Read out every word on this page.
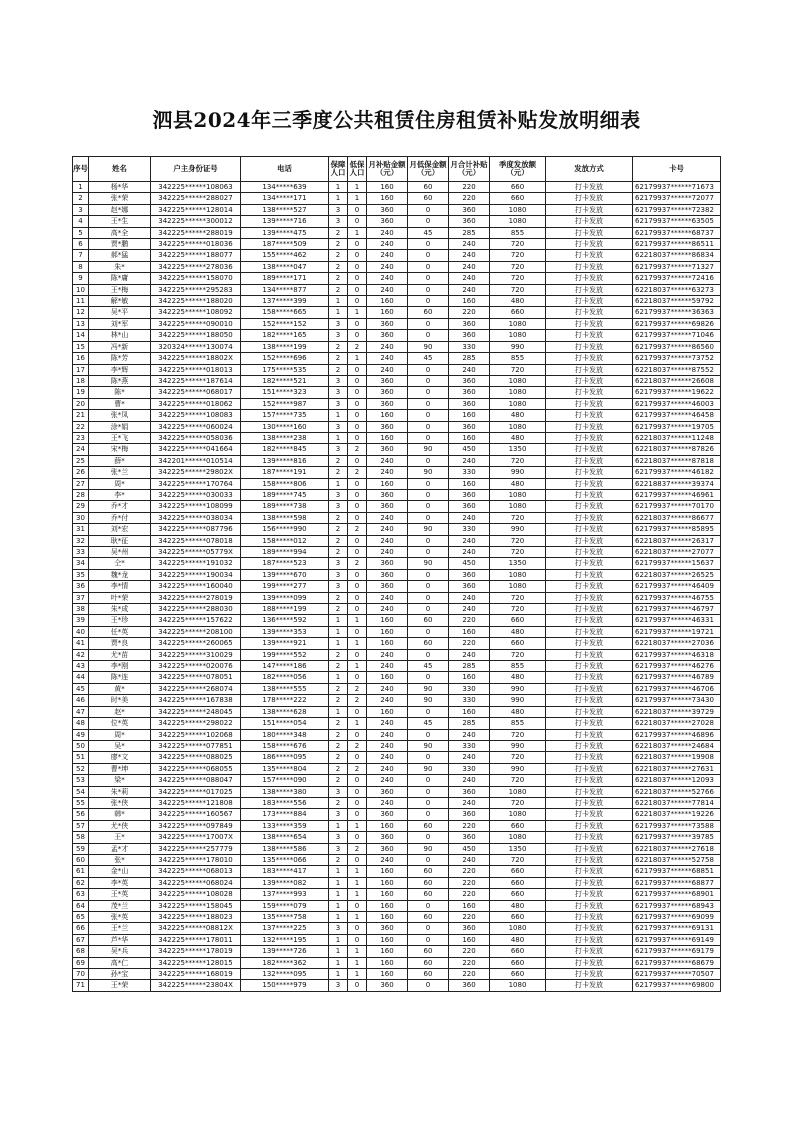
泗县2024年三季度公共租赁住房租赁补贴发放明细表
序号	姓名	户主身份证号	电话	保障人口	低保人口	月补贴金额（元）	月低保金额（元）	月合计补贴（元）	季度发放额（元）	发放方式	卡号
1	杨*华	342225******108063	134*****639	1	1	160	60	220	660	打卡发放	62179937******71673
2	张*荣	342225******288027	134*****171	1	1	160	60	220	660	打卡发放	62179937******72077
3	赵*娜	342225******128014	138*****527	3	0	360	0	360	1080	打卡发放	62179937******72382
4	王*生	342225******300012	139*****716	3	0	360	0	360	1080	打卡发放	62179937******63505
5	高*全	342225******288019	139*****475	2	1	240	45	285	855	打卡发放	62179937******68737
6	贾*鹏	342225******018036	187*****509	2	0	240	0	240	720	打卡发放	62179937******86511
7	郝*猛	342225******188077	155*****462	2	0	240	0	240	720	打卡发放	62218037******86834
8	朱*	342225******278036	138*****047	2	0	240	0	240	720	打卡发放	62179937******71327
9	陈*庸	342225******158070	189*****171	2	0	240	0	240	720	打卡发放	62179937******72416
10	王*梅	342225******295283	134*****877	2	0	240	0	240	720	打卡发放	62218037******63273
11	解*敏	342225******188020	137*****399	1	0	160	0	160	480	打卡发放	62218037******59792
12	吴*平	342225******108092	158*****665	1	1	160	60	220	660	打卡发放	62179937******36363
13	刘*军	342225******090010	152*****152	3	0	360	0	360	1080	打卡发放	62179937******69826
14	林*山	342225******188050	182*****165	3	0	360	0	360	1080	打卡发放	62179937******71046
15	冯*新	320324******130074	138*****199	2	2	240	90	330	990	打卡发放	62179937******86560
16	陈*芳	342225******18802X	152*****696	2	1	240	45	285	855	打卡发放	62179937******73752
17	李*辉	342225******018013	175*****535	2	0	240	0	240	720	打卡发放	62218037******87552
18	陈*燕	342225******187614	182*****521	3	0	360	0	360	1080	打卡发放	62218037******26608
19	陈*	342225******068017	151*****323	3	0	360	0	360	1080	打卡发放	62179937******19622
20	曹*	342225******018062	152*****987	3	0	360	0	360	1080	打卡发放	62179937******46003
21	张*凤	342225******108083	157*****735	1	0	160	0	160	480	打卡发放	62179937******46458
22	涂*娟	342225******060024	130*****160	3	0	360	0	360	1080	打卡发放	62179937******19705
23	王*飞	342225******058036	138*****238	1	0	160	0	160	480	打卡发放	62218037******11248
24	宋*梅	342225******041664	182*****845	3	2	360	90	450	1350	打卡发放	62218037******87826
25	薛*	342201******010514	139*****816	2	0	240	0	240	720	打卡发放	62218037******87818
26	张*兰	342225******29802X	187*****191	2	2	240	90	330	990	打卡发放	62179937******46182
27	周*	342225******170764	158*****806	1	0	160	0	160	480	打卡发放	62218837******39374
28	李*	342225******030033	189*****745	3	0	360	0	360	1080	打卡发放	62179937******46961
29	乔*才	342225******108099	189*****738	3	0	360	0	360	1080	打卡发放	62179937******70170
30	乔*付	342225******038034	138*****598	2	0	240	0	240	720	打卡发放	62218037******86677
31	刘*宏	342225******087796	156*****990	2	2	240	90	330	990	打卡发放	62179937******85895
32	耿*征	342225******078018	158*****012	2	0	240	0	240	720	打卡发放	62218037******26317
33	吴*州	342225******05779X	189*****994	2	0	240	0	240	720	打卡发放	62218037******27077
34	仝*	342225******191032	187*****523	3	2	360	90	450	1350	打卡发放	62179937******15637
35	魏*龙	342225******190034	139*****670	3	0	360	0	360	1080	打卡发放	62218037******26525
36	李*情	342225******160040	199*****277	3	0	360	0	360	1080	打卡发放	62179937******46409
37	叶*荣	342225******278019	139*****099	2	0	240	0	240	720	打卡发放	62179937******46755
38	朱*成	342225******288030	188*****199	2	0	240	0	240	720	打卡发放	62179937******46797
39	王*珍	342225******157622	136*****592	1	1	160	60	220	660	打卡发放	62179937******46331
40	任*英	342225******208100	139*****353	1	0	160	0	160	480	打卡发放	62179937******19721
41	贾*良	342225******260065	139*****921	1	1	160	60	220	660	打卡发放	62218037******27036
42	尤*苗	342225******310029	199*****552	2	0	240	0	240	720	打卡发放	62179937******46318
43	李*刚	342225******020076	147*****186	2	1	240	45	285	855	打卡发放	62179937******46276
44	陈*连	342225******078051	182*****056	1	0	160	0	160	480	打卡发放	62179937******46789
45	黄*	342225******268074	138*****555	2	2	240	90	330	990	打卡发放	62179937******46706
46	时*美	342225******167838	178*****222	2	2	240	90	330	990	打卡发放	62179937******73430
47	赵*	342225******248045	138*****628	1	0	160	0	160	480	打卡发放	62218037******39729
48	位*英	342225******298022	151*****054	2	1	240	45	285	855	打卡发放	62218037******27028
49	周*	342225******102068	180*****348	2	0	240	0	240	720	打卡发放	62179937******46896
50	吴*	342225******077851	158*****676	2	2	240	90	330	990	打卡发放	62218037******24684
51	廖*文	342225******088025	186*****095	2	0	240	0	240	720	打卡发放	62218037******19908
52	曹*坤	342225******068055	135*****804	2	2	240	90	330	990	打卡发放	62218037******27631
53	梁*	342225******088047	157*****090	2	0	240	0	240	720	打卡发放	62218037******12093
54	朱*莉	342225******017025	138*****380	3	0	360	0	360	1080	打卡发放	62218037******52766
55	张*侠	342225******121808	183*****556	2	0	240	0	240	720	打卡发放	62218037******77814
56	韩*	342225******160567	173*****884	3	0	360	0	360	1080	打卡发放	62218037******19226
57	尤*侠	342225******097849	133*****359	1	1	160	60	220	660	打卡发放	62179937******73588
58	王*	342225******17007X	138*****654	3	0	360	0	360	1080	打卡发放	62179937******39785
59	孟*才	342225******257779	138*****586	3	2	360	90	450	1350	打卡发放	62218037******27618
60	张*	342225******178010	135*****066	2	0	240	0	240	720	打卡发放	62218037******52758
61	金*山	342225******068013	183*****417	1	1	160	60	220	660	打卡发放	62179937******68851
62	李*英	342225******068024	139*****082	1	1	160	60	220	660	打卡发放	62179937******68877
63	王*英	342225******108028	137*****993	1	1	160	60	220	660	打卡发放	62179937******68901
64	茂*兰	342225******158045	159*****079	1	0	160	0	160	480	打卡发放	62179937******68943
65	张*英	342225******188023	135*****758	1	1	160	60	220	660	打卡发放	62179937******69099
66	王*兰	342225******08812X	137*****225	3	0	360	0	360	1080	打卡发放	62179937******69131
67	芦*华	342225******178011	132*****195	1	0	160	0	160	480	打卡发放	62179937******69149
68	吴*兵	342225******178019	139*****726	1	1	160	60	220	660	打卡发放	62179937******69179
69	高*仁	342225******128015	182*****362	1	1	160	60	220	660	打卡发放	62179937******68679
70	孙*宝	342225******168019	132*****095	1	1	160	60	220	660	打卡发放	62179937******70507
71	王*荣	342225******23804X	150*****979	3	0	360	0	360	1080	打卡发放	62179937******69800
